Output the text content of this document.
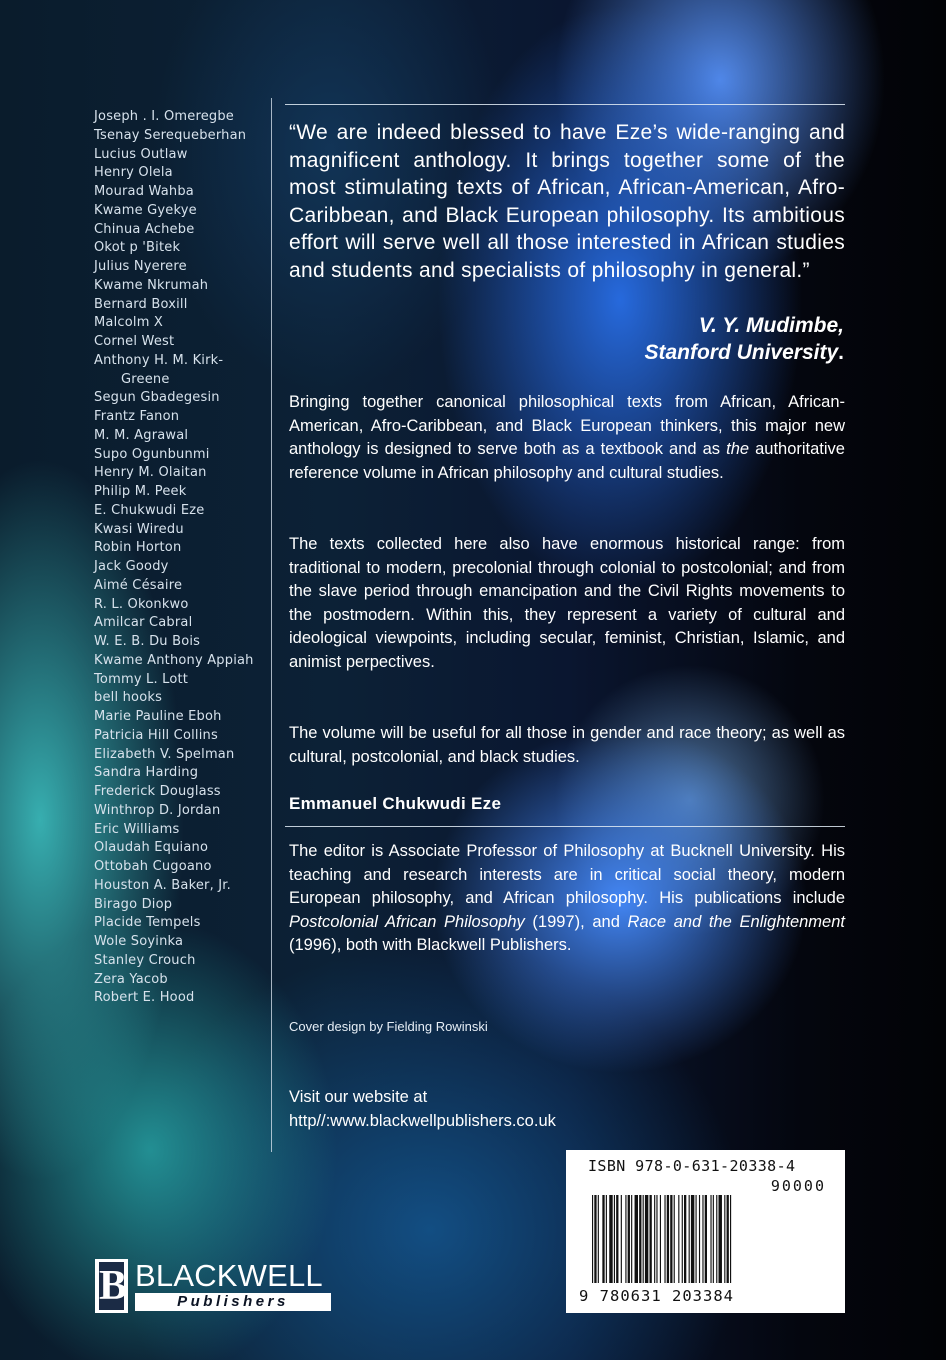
Joseph . I. Omeregbe
Tsenay Serequeberhan
Lucius Outlaw
Henry Olela
Mourad Wahba
Kwame Gyekye
Chinua Achebe
Okot p 'Bitek
Julius Nyerere
Kwame Nkrumah
Bernard Boxill
Malcolm X
Cornel West
Anthony H. M. Kirk-
Greene
Segun Gbadegesin
Frantz Fanon
M. M. Agrawal
Supo Ogunbunmi
Henry M. Olaitan
Philip M. Peek
E. Chukwudi Eze
Kwasi Wiredu
Robin Horton
Jack Goody
Aimé Césaire
R. L. Okonkwo
Amilcar Cabral
W. E. B. Du Bois
Kwame Anthony Appiah
Tommy L. Lott
bell hooks
Marie Pauline Eboh
Patricia Hill Collins
Elizabeth V. Spelman
Sandra Harding
Frederick Douglass
Winthrop D. Jordan
Eric Williams
Olaudah Equiano
Ottobah Cugoano
Houston A. Baker, Jr.
Birago Diop
Placide Tempels
Wole Soyinka
Stanley Crouch
Zera Yacob
Robert E. Hood
“We are indeed blessed to have Eze’s wide-ranging and magnificent anthology. It brings together some of the most stimulating texts of African, African-American, Afro-Caribbean, and Black European philosophy. Its ambitious effort will serve well all those interested in African studies and students and specialists of philosophy in general.”
V. Y. Mudimbe,
Stanford University.
Bringing together canonical philosophical texts from African, African-American, Afro-Caribbean, and Black European thinkers, this major new anthology is designed to serve both as a textbook and as the authoritative reference volume in African philosophy and cultural studies.
The texts collected here also have enormous historical range: from traditional to modern, precolonial through colonial to postcolonial; and from the slave period through emancipation and the Civil Rights movements to the postmodern. Within this, they represent a variety of cultural and ideological viewpoints, including secular, feminist, Christian, Islamic, and animist perpectives.
The volume will be useful for all those in gender and race theory; as well as cultural, postcolonial, and black studies.
Emmanuel Chukwudi Eze
The editor is Associate Professor of Philosophy at Bucknell University. His teaching and research interests are in critical social theory, modern European philosophy, and African philosophy. His publications include Postcolonial African Philosophy (1997), and Race and the Enlightenment (1996), both with Blackwell Publishers.
Cover design by Fielding Rowinski
Visit our website at
http//:www.blackwellpublishers.co.uk
ISBN 978-0-631-20338-4
90000
9 780631 203384
B BLACKWELL
Publishers
